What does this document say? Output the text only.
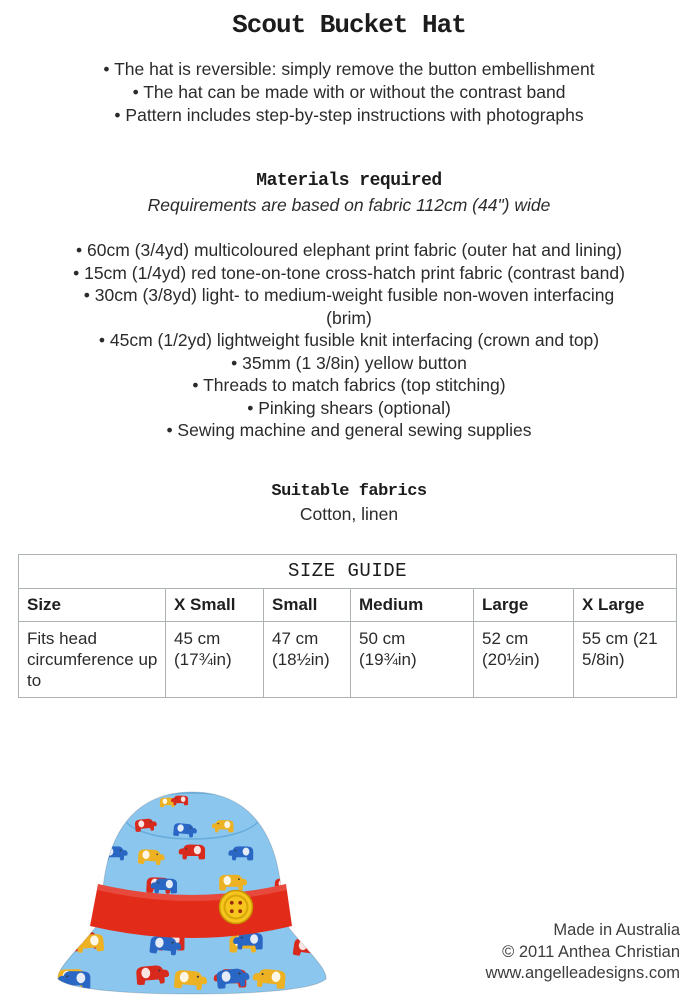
Scout Bucket Hat
• The hat is reversible: simply remove the button embellishment
• The hat can be made with or without the contrast band
• Pattern includes step-by-step instructions with photographs
Materials required

Requirements are based on fabric 112cm (44") wide

• 60cm (3/4yd) multicoloured elephant print fabric (outer hat and lining)
• 15cm (1/4yd) red tone-on-tone cross-hatch print fabric (contrast band)
• 30cm (3/8yd) light- to medium-weight fusible non-woven interfacing
(brim)
• 45cm (1/2yd) lightweight fusible knit interfacing (crown and top)
• 35mm (1 3/8in) yellow button
• Threads to match fabrics (top stitching)
• Pinking shears (optional)
• Sewing machine and general sewing supplies
Suitable fabrics

Cotton, linen

SIZE GUIDE					
Size	X Small	Small	Medium	Large	X Large
Fits head circumference up to	45 cm (17¾in)	47 cm (18½in)	50 cm (19¾in)	52 cm (20½in)	55 cm (21 5/8in)
Made in Australia
© 2011 Anthea Christian
www.angelleadesigns.com
